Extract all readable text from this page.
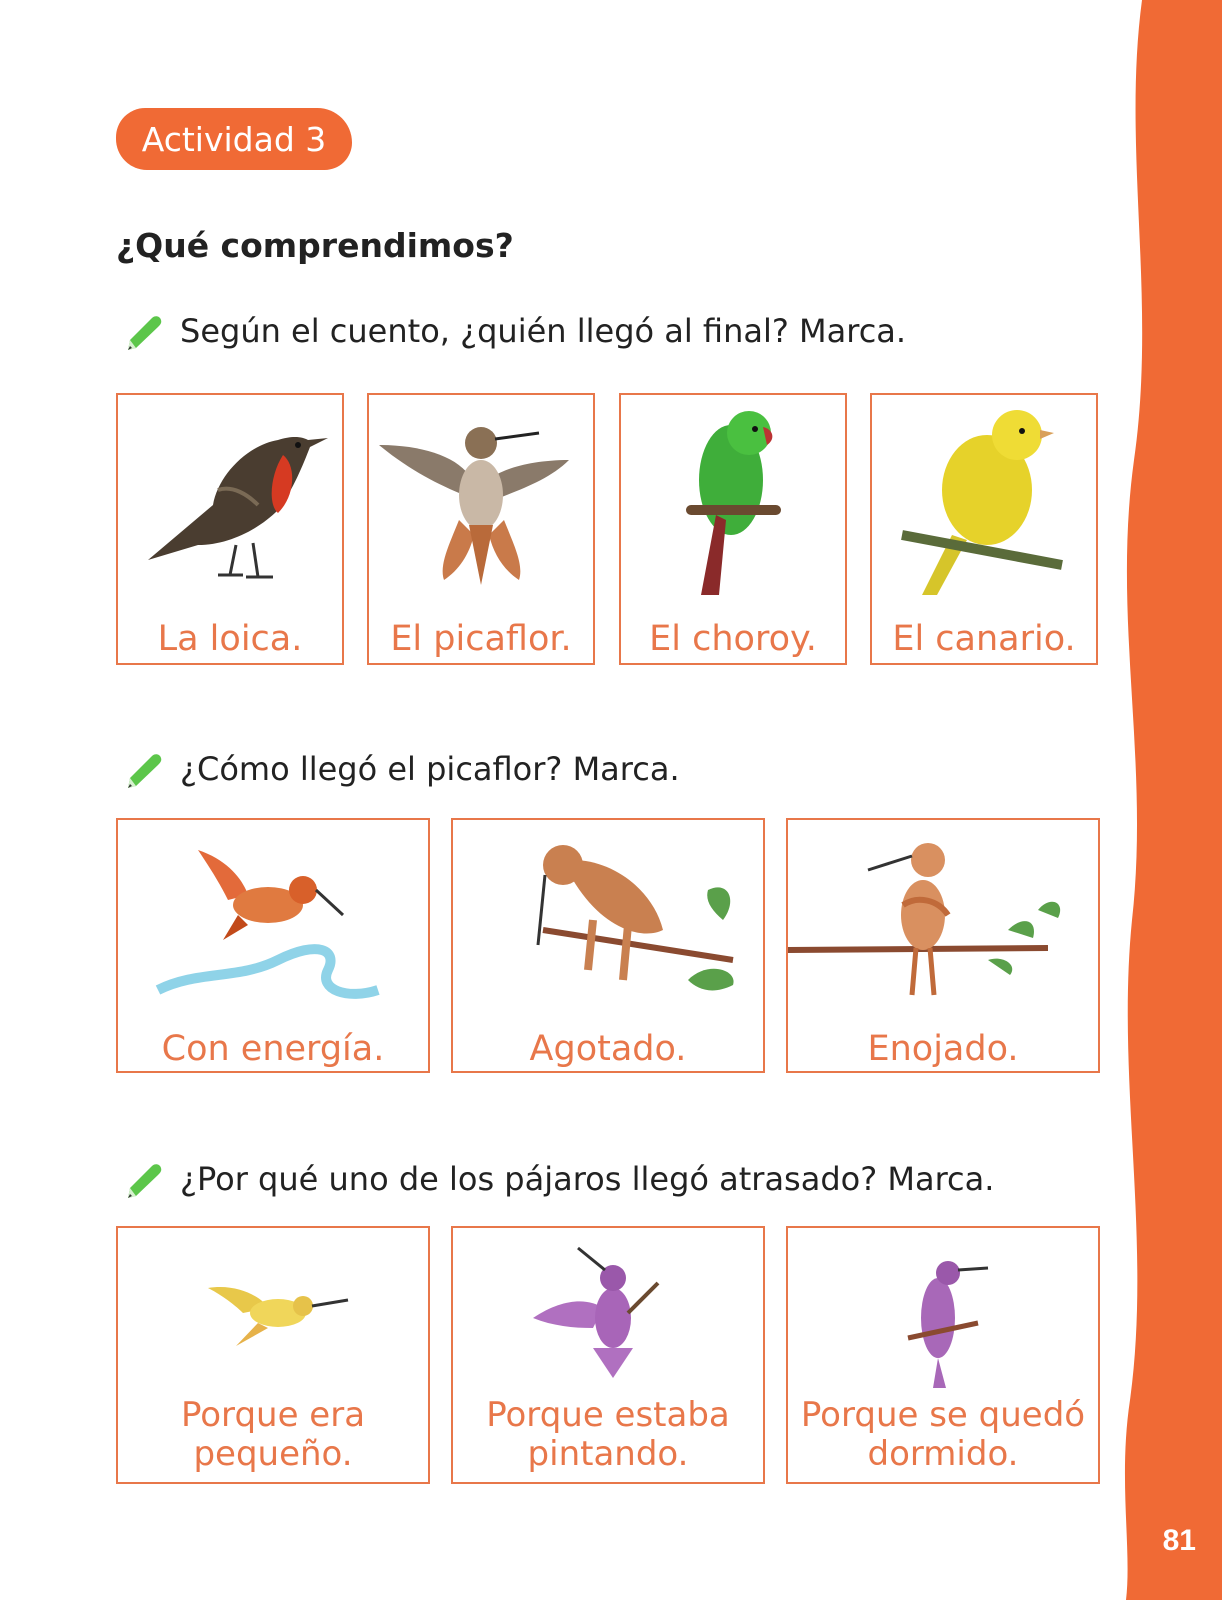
81
Actividad 3
¿Qué comprendimos?
Según el cuento, ¿quién llegó al final? Marca.
La loica.	El picaflor.	El choroy.	El canario.
¿Cómo llegó el picaflor? Marca.
Con energía.	Agotado.	Enojado.
¿Por qué uno de los pájaros llegó atrasado? Marca.
Porque era
pequeño.
Porque estaba
pintando.
Porque se quedó
dormido.
